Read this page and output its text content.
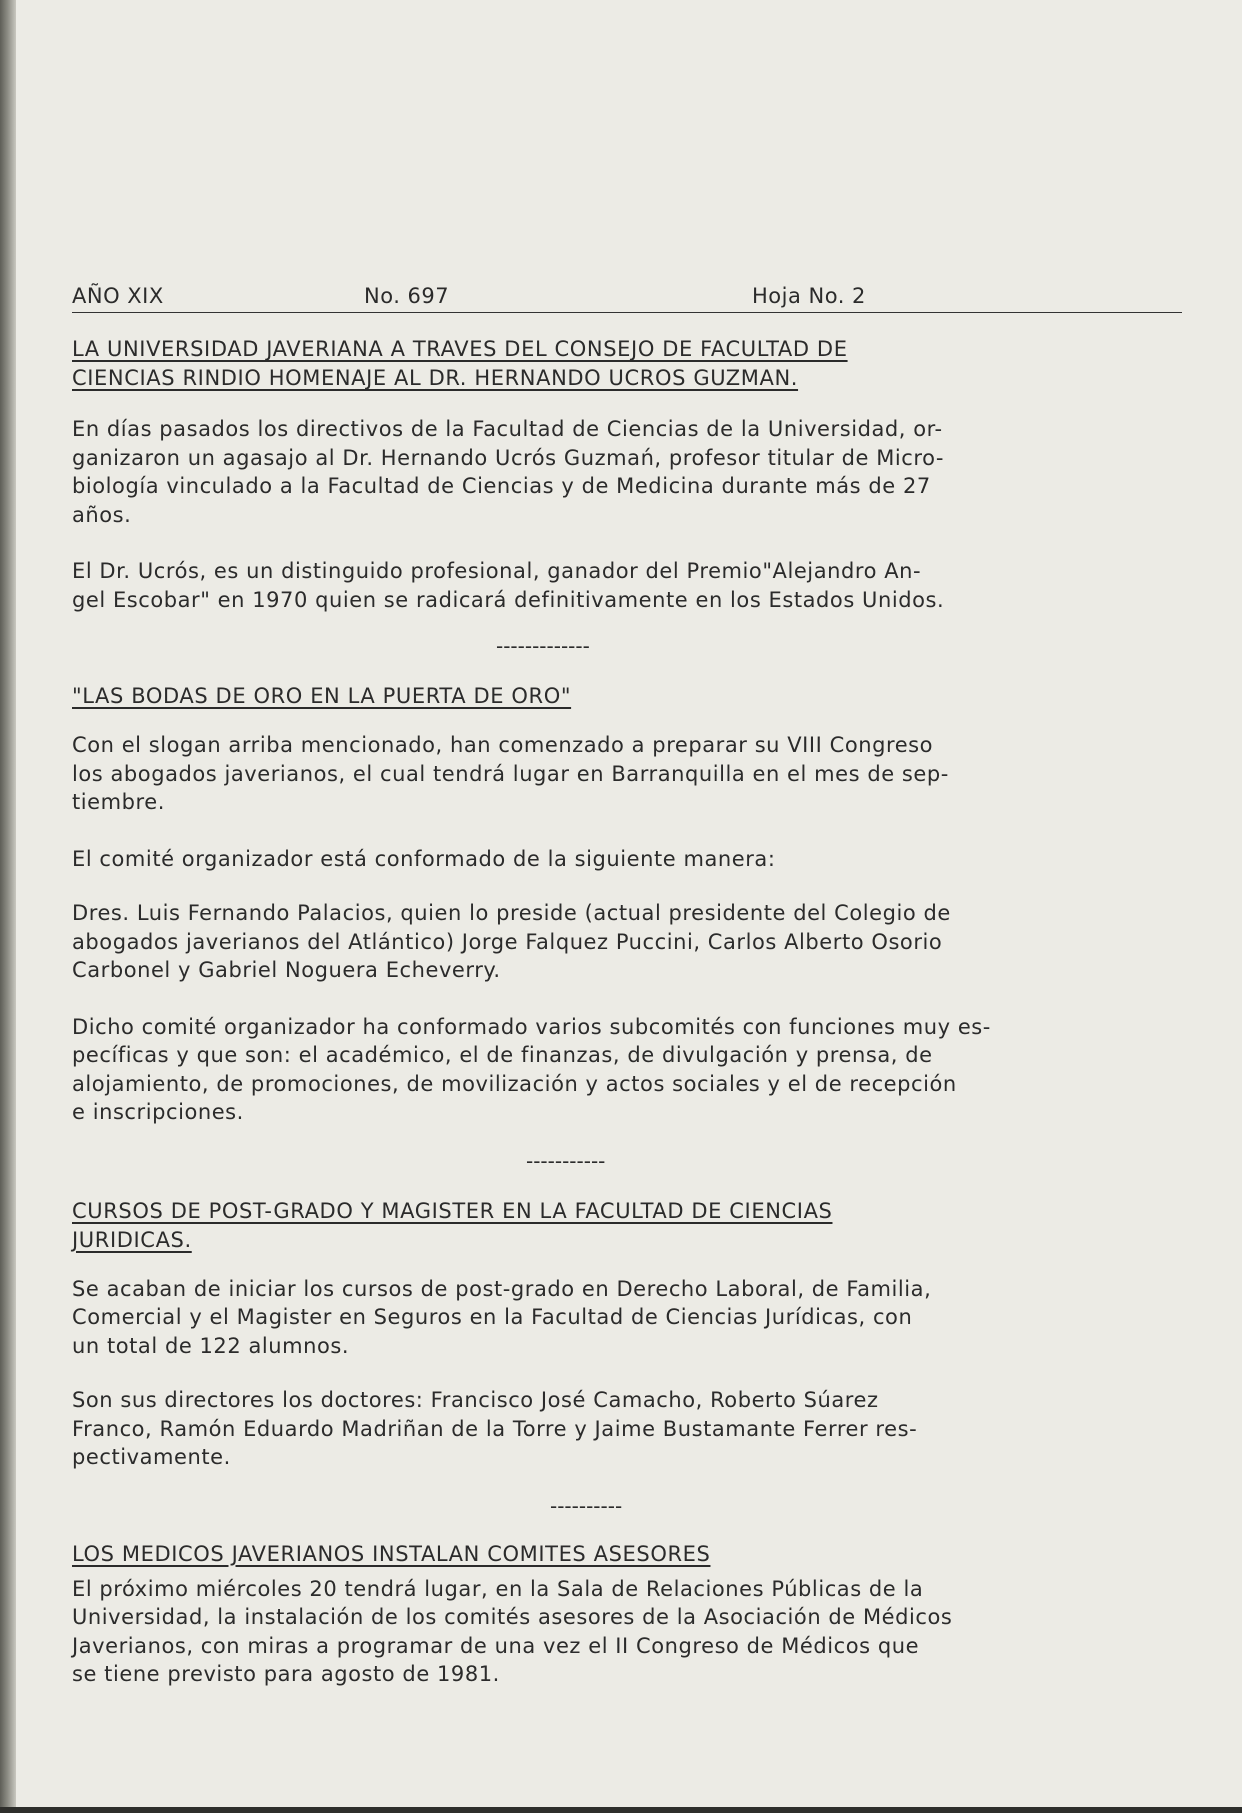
AÑO XIX	No. 697	Hoja No. 2

LA UNIVERSIDAD JAVERIANA A TRAVES DEL CONSEJO DE FACULTAD DE
CIENCIAS RINDIO HOMENAJE AL DR. HERNANDO UCROS GUZMAN.

En días pasados los directivos de la Facultad de Ciencias de la Universidad, or-
ganizaron un agasajo al Dr. Hernando Ucrós Guzmań, profesor titular de Micro-
biología vinculado a la Facultad de Ciencias y de Medicina durante más de 27
años.

El Dr. Ucrós, es un distinguido profesional, ganador del Premio"Alejandro An-
gel Escobar" en 1970 quien se radicará definitivamente en los Estados Unidos.

-------------

"LAS BODAS DE ORO EN LA PUERTA DE ORO"

Con el slogan arriba mencionado, han comenzado a preparar su VIII Congreso
los abogados javerianos, el cual tendrá lugar en Barranquilla en el mes de sep-
tiembre.

El comité organizador está conformado de la siguiente manera:

Dres. Luis Fernando Palacios, quien lo preside (actual presidente del Colegio de
abogados javerianos del Atlántico) Jorge Falquez Puccini, Carlos Alberto Osorio
Carbonel y Gabriel Noguera Echeverry.

Dicho comité organizador ha conformado varios subcomités con funciones muy es-
pecíficas y que son: el académico, el de finanzas, de divulgación y prensa, de
alojamiento, de promociones, de movilización y actos sociales y el de recepción
e inscripciones.

-----------

CURSOS DE POST-GRADO Y MAGISTER EN LA FACULTAD DE CIENCIAS
JURIDICAS.

Se acaban de iniciar los cursos de post-grado en Derecho Laboral, de Familia,
Comercial y el Magister en Seguros en la Facultad de Ciencias Jurídicas, con
un total de 122 alumnos.

Son sus directores los doctores: Francisco José Camacho, Roberto Súarez
Franco, Ramón Eduardo Madriñan de la Torre y Jaime Bustamante Ferrer res-
pectivamente.

----------

LOS MEDICOS JAVERIANOS INSTALAN COMITES ASESORES

El próximo miércoles 20 tendrá lugar, en la Sala de Relaciones Públicas de la
Universidad, la instalación de los comités asesores de la Asociación de Médicos
Javerianos, con miras a programar de una vez el II Congreso de Médicos que
se tiene previsto para agosto de 1981.
